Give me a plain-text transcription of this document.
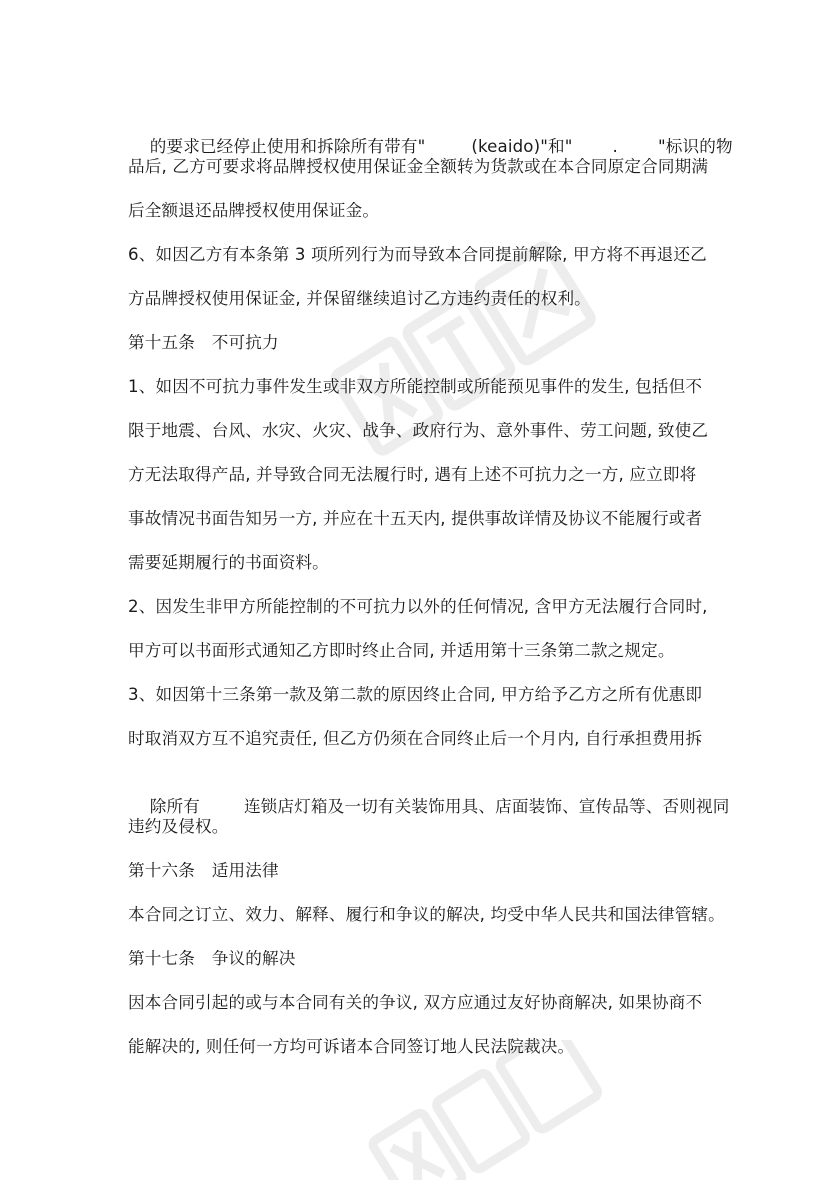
的要求已经停止使用和拆除所有带有"	(keaido)"和" . "标识的物

品后, 乙方可要求将品牌授权使用保证金全额转为货款或在本合同原定合同期满
后全额退还品牌授权使用保证金。
6、如因乙方有本条第 3 项所列行为而导致本合同提前解除, 甲方将不再退还乙
方品牌授权使用保证金, 并保留继续追讨乙方违约责任的权利。
第十五条　不可抗力
1、如因不可抗力事件发生或非双方所能控制或所能预见事件的发生, 包括但不
限于地震、台风、水灾、火灾、战争、政府行为、意外事件、劳工问题, 致使乙
方无法取得产品, 并导致合同无法履行时, 遇有上述不可抗力之一方, 应立即将
事故情况书面告知另一方, 并应在十五天内, 提供事故详情及协议不能履行或者
需要延期履行的书面资料。
2、因发生非甲方所能控制的不可抗力以外的任何情况, 含甲方无法履行合同时,
甲方可以书面形式通知乙方即时终止合同, 并适用第十三条第二款之规定。
3、如因第十三条第一款及第二款的原因终止合同, 甲方给予乙方之所有优惠即
时取消双方互不追究责任, 但乙方仍须在合同终止后一个月内, 自行承担费用拆

除所有	连锁店灯箱及一切有关装饰用具、店面装饰、宣传品等、否则视同

违约及侵权。
第十六条　适用法律
本合同之订立、效力、解释、履行和争议的解决, 均受中华人民共和国法律管辖。
第十七条　争议的解决
因本合同引起的或与本合同有关的争议, 双方应通过友好协商解决, 如果协商不
能解决的, 则任何一方均可诉诸本合同签订地人民法院裁决。
